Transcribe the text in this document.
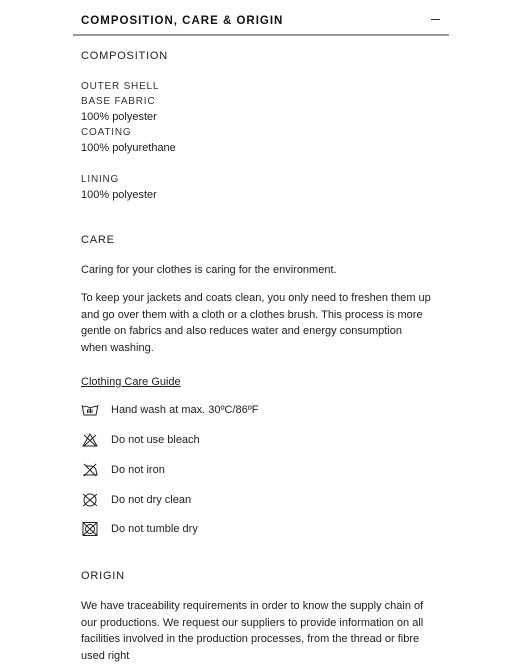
COMPOSITION, CARE & ORIGIN
COMPOSITION
OUTER SHELL
BASE FABRIC
100% polyester
COATING
100% polyurethane
LINING
100% polyester
CARE
Caring for your clothes is caring for the environment.
To keep your jackets and coats clean, you only need to freshen them up and go over them with a cloth or a clothes brush. This process is more gentle on fabrics and also reduces water and energy consumption when washing.
Clothing Care Guide
Hand wash at max. 30ºC/86ºF
Do not use bleach
Do not iron
Do not dry clean
Do not tumble dry
ORIGIN
We have traceability requirements in order to know the supply chain of our productions. We request our suppliers to provide information on all facilities involved in the production processes, from the thread or fibre used right
